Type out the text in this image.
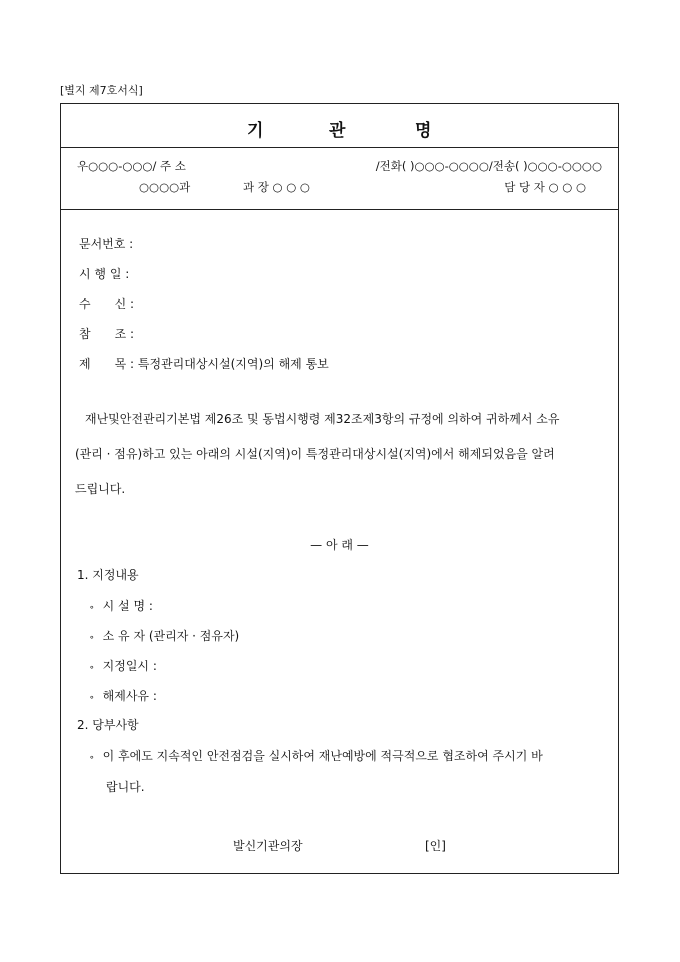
[별지 제7호서식]
기	관	명
우○○○-○○○/ 주 소	/전화( )○○○-○○○○/전송( )○○○-○○○○
○○○○과	과 장 ○ ○ ○	담 당 자 ○ ○ ○
문서번호 :
시 행 일 :
수　　신 :
참　　조 :
제　　목 : 특정관리대상시설(지역)의 해제 통보
재난및안전관리기본법 제26조 및 동법시행령 제32조제3항의 규정에 의하여 귀하께서 소유
(관리 · 점유)하고 있는 아래의 시설(지역)이 특정관리대상시설(지역)에서 해제되었음을 알려
드립니다.
— 아 래 —
1. 지정내용
∘ 시 설 명 :
∘ 소 유 자 (관리자 · 점유자)
∘ 지정일시 :
∘ 해제사유 :
2. 당부사항
∘ 이 후에도 지속적인 안전점검을 실시하여 재난예방에 적극적으로 협조하여 주시기 바
랍니다.
발신기관의장	[인]
